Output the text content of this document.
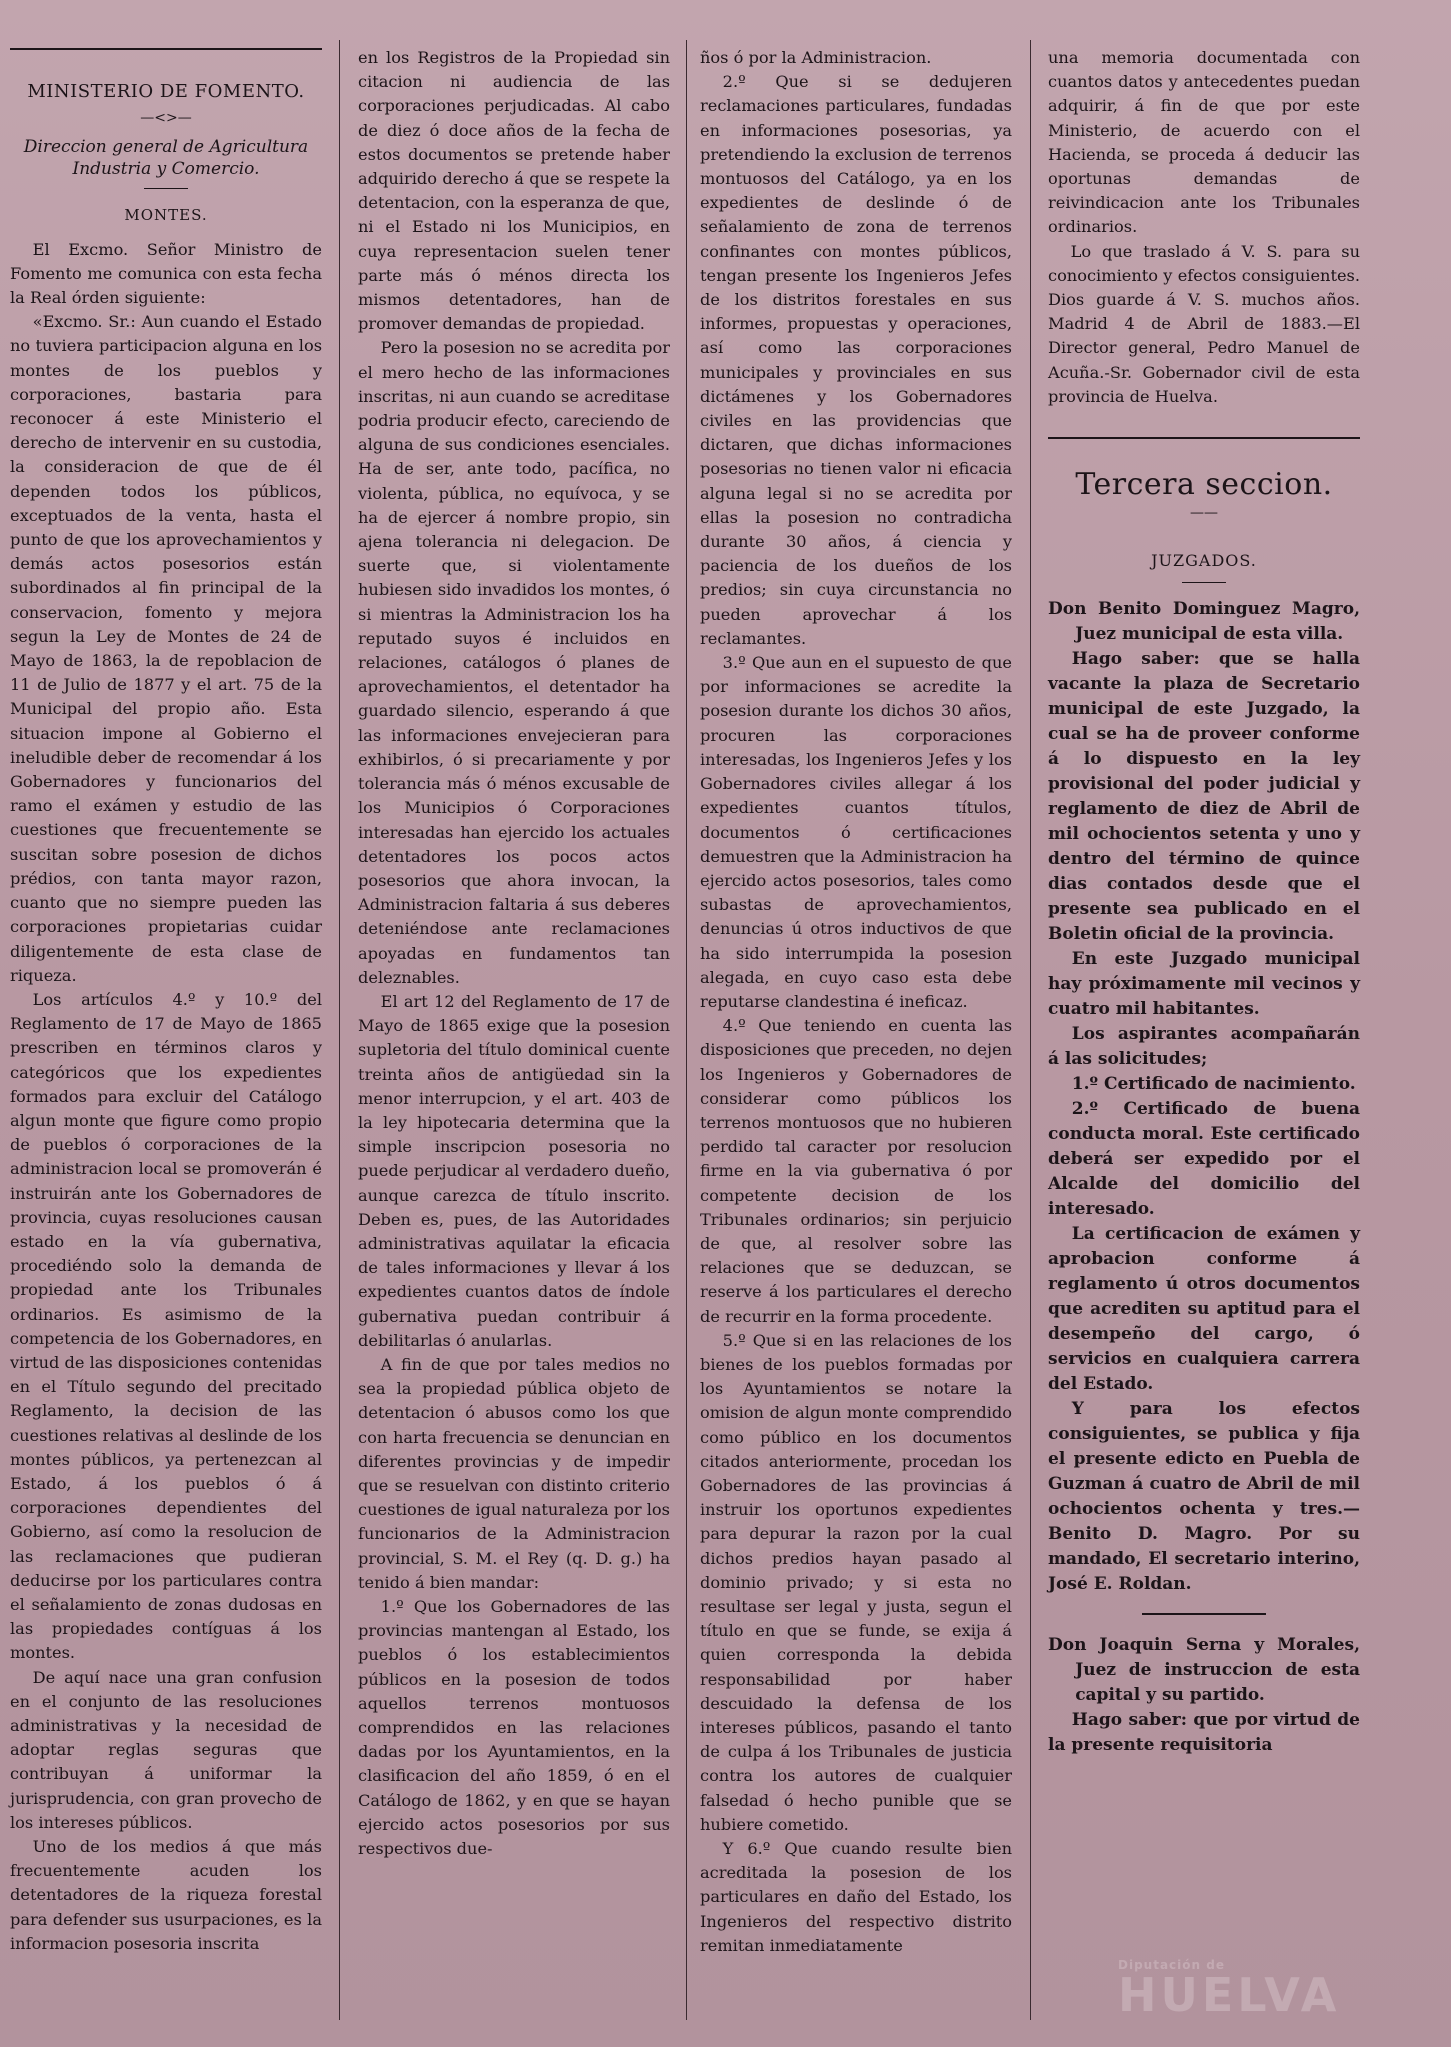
MINISTERIO DE FOMENTO.
—<>—
Direccion general de Agricultura Industria y Comercio.
MONTES.

El Excmo. Señor Ministro de Fomento me comunica con esta fecha la Real órden siguiente:

«Excmo. Sr.: Aun cuando el Estado no tuviera participacion alguna en los montes de los pueblos y corporaciones, bastaria para reconocer á este Ministerio el derecho de intervenir en su custodia, la consideracion de que de él dependen todos los públicos, exceptuados de la venta, hasta el punto de que los aprovechamientos y demás actos posesorios están subordinados al fin principal de la conservacion, fomento y mejora segun la Ley de Montes de 24 de Mayo de 1863, la de repoblacion de 11 de Julio de 1877 y el art. 75 de la Municipal del propio año. Esta situacion impone al Gobierno el ineludible deber de recomendar á los Gobernadores y funcionarios del ramo el exámen y estudio de las cuestiones que frecuentemente se suscitan sobre posesion de dichos prédios, con tanta mayor razon, cuanto que no siempre pueden las corporaciones propietarias cuidar diligentemente de esta clase de riqueza.

Los artículos 4.º y 10.º del Reglamento de 17 de Mayo de 1865 prescriben en términos claros y categóricos que los expedientes formados para excluir del Catálogo algun monte que figure como propio de pueblos ó corporaciones de la administracion local se promoverán é instruirán ante los Gobernadores de provincia, cuyas resoluciones causan estado en la vía gubernativa, procediéndo solo la demanda de propiedad ante los Tribunales ordinarios. Es asimismo de la competencia de los Gobernadores, en virtud de las disposiciones contenidas en el Título segundo del precitado Reglamento, la decision de las cuestiones relativas al deslinde de los montes públicos, ya pertenezcan al Estado, á los pueblos ó á corporaciones dependientes del Gobierno, así como la resolucion de las reclamaciones que pudieran deducirse por los particulares contra el señalamiento de zonas dudosas en las propiedades contíguas á los montes.

De aquí nace una gran confusion en el conjunto de las resoluciones administrativas y la necesidad de adoptar reglas seguras que contribuyan á uniformar la jurisprudencia, con gran provecho de los intereses públicos.

Uno de los medios á que más frecuentemente acuden los detentadores de la riqueza forestal para defender sus usurpaciones, es la informacion posesoria inscrita

en los Registros de la Propiedad sin citacion ni audiencia de las corporaciones perjudicadas. Al cabo de diez ó doce años de la fecha de estos documentos se pretende haber adquirido derecho á que se respete la detentacion, con la esperanza de que, ni el Estado ni los Municipios, en cuya representacion suelen tener parte más ó ménos directa los mismos detentadores, han de promover demandas de propiedad.

Pero la posesion no se acredita por el mero hecho de las informaciones inscritas, ni aun cuando se acreditase podria producir efecto, careciendo de alguna de sus condiciones esenciales. Ha de ser, ante todo, pacífica, no violenta, pública, no equívoca, y se ha de ejercer á nombre propio, sin ajena tolerancia ni delegacion. De suerte que, si violentamente hubiesen sido invadidos los montes, ó si mientras la Administracion los ha reputado suyos é incluidos en relaciones, catálogos ó planes de aprovechamientos, el detentador ha guardado silencio, esperando á que las informaciones envejecieran para exhibirlos, ó si precariamente y por tolerancia más ó ménos excusable de los Municipios ó Corporaciones interesadas han ejercido los actuales detentadores los pocos actos posesorios que ahora invocan, la Administracion faltaria á sus deberes deteniéndose ante reclamaciones apoyadas en fundamentos tan deleznables.

El art 12 del Reglamento de 17 de Mayo de 1865 exige que la posesion supletoria del título dominical cuente treinta años de antigüedad sin la menor interrupcion, y el art. 403 de la ley hipotecaria determina que la simple inscripcion posesoria no puede perjudicar al verdadero dueño, aunque carezca de título inscrito. Deben es, pues, de las Autoridades administrativas aquilatar la eficacia de tales informaciones y llevar á los expedientes cuantos datos de índole gubernativa puedan contribuir á debilitarlas ó anularlas.

A fin de que por tales medios no sea la propiedad pública objeto de detentacion ó abusos como los que con harta frecuencia se denuncian en diferentes provincias y de impedir que se resuelvan con distinto criterio cuestiones de igual naturaleza por los funcionarios de la Administracion provincial, S. M. el Rey (q. D. g.) ha tenido á bien mandar:

1.º Que los Gobernadores de las provincias mantengan al Estado, los pueblos ó los establecimientos públicos en la posesion de todos aquellos terrenos montuosos comprendidos en las relaciones dadas por los Ayuntamientos, en la clasificacion del año 1859, ó en el Catálogo de 1862, y en que se hayan ejercido actos posesorios por sus respectivos due-

ños ó por la Administracion.

2.º Que si se dedujeren reclamaciones particulares, fundadas en informaciones posesorias, ya pretendiendo la exclusion de terrenos montuosos del Catálogo, ya en los expedientes de deslinde ó de señalamiento de zona de terrenos confinantes con montes públicos, tengan presente los Ingenieros Jefes de los distritos forestales en sus informes, propuestas y operaciones, así como las corporaciones municipales y provinciales en sus dictámenes y los Gobernadores civiles en las providencias que dictaren, que dichas informaciones posesorias no tienen valor ni eficacia alguna legal si no se acredita por ellas la posesion no contradicha durante 30 años, á ciencia y paciencia de los dueños de los predios; sin cuya circunstancia no pueden aprovechar á los reclamantes.

3.º Que aun en el supuesto de que por informaciones se acredite la posesion durante los dichos 30 años, procuren las corporaciones interesadas, los Ingenieros Jefes y los Gobernadores civiles allegar á los expedientes cuantos títulos, documentos ó certificaciones demuestren que la Administracion ha ejercido actos posesorios, tales como subastas de aprovechamientos, denuncias ú otros inductivos de que ha sido interrumpida la posesion alegada, en cuyo caso esta debe reputarse clandestina é ineficaz.

4.º Que teniendo en cuenta las disposiciones que preceden, no dejen los Ingenieros y Gobernadores de considerar como públicos los terrenos montuosos que no hubieren perdido tal caracter por resolucion firme en la via gubernativa ó por competente decision de los Tribunales ordinarios; sin perjuicio de que, al resolver sobre las relaciones que se deduzcan, se reserve á los particulares el derecho de recurrir en la forma procedente.

5.º Que si en las relaciones de los bienes de los pueblos formadas por los Ayuntamientos se notare la omision de algun monte comprendido como público en los documentos citados anteriormente, procedan los Gobernadores de las provincias á instruir los oportunos expedientes para depurar la razon por la cual dichos predios hayan pasado al dominio privado; y si esta no resultase ser legal y justa, segun el título en que se funde, se exija á quien corresponda la debida responsabilidad por haber descuidado la defensa de los intereses públicos, pasando el tanto de culpa á los Tribunales de justicia contra los autores de cualquier falsedad ó hecho punible que se hubiere cometido.

Y 6.º Que cuando resulte bien acreditada la posesion de los particulares en daño del Estado, los Ingenieros del respectivo distrito remitan inmediatamente

una memoria documentada con cuantos datos y antecedentes puedan adquirir, á fin de que por este Ministerio, de acuerdo con el Hacienda, se proceda á deducir las oportunas demandas de reivindicacion ante los Tribunales ordinarios.

Lo que traslado á V. S. para su conocimiento y efectos consiguientes. Dios guarde á V. S. muchos años. Madrid 4 de Abril de 1883.—El Director general, Pedro Manuel de Acuña.-Sr. Gobernador civil de esta provincia de Huelva.

Tercera seccion.
——
JUZGADOS.

Don Benito Dominguez Magro, Juez municipal de esta villa.

Hago saber: que se halla vacante la plaza de Secretario municipal de este Juzgado, la cual se ha de proveer conforme á lo dispuesto en la ley provisional del poder judicial y reglamento de diez de Abril de mil ochocientos setenta y uno y dentro del término de quince dias contados desde que el presente sea publicado en el Boletin oficial de la provincia.

En este Juzgado municipal hay próximamente mil vecinos y cuatro mil habitantes.

Los aspirantes acompañarán á las solicitudes;

1.º Certificado de nacimiento.

2.º Certificado de buena conducta moral. Este certificado deberá ser expedido por el Alcalde del domicilio del interesado.

La certificacion de exámen y aprobacion conforme á reglamento ú otros documentos que acrediten su aptitud para el desempeño del cargo, ó servicios en cualquiera carrera del Estado.

Y para los efectos consiguientes, se publica y fija el presente edicto en Puebla de Guzman á cuatro de Abril de mil ochocientos ochenta y tres.—Benito D. Magro. Por su mandado, El secretario interino, José E. Roldan.

Don Joaquin Serna y Morales, Juez de instruccion de esta capital y su partido.

Hago saber: que por virtud de la presente requisitoria

Diputación de
HUELVA
